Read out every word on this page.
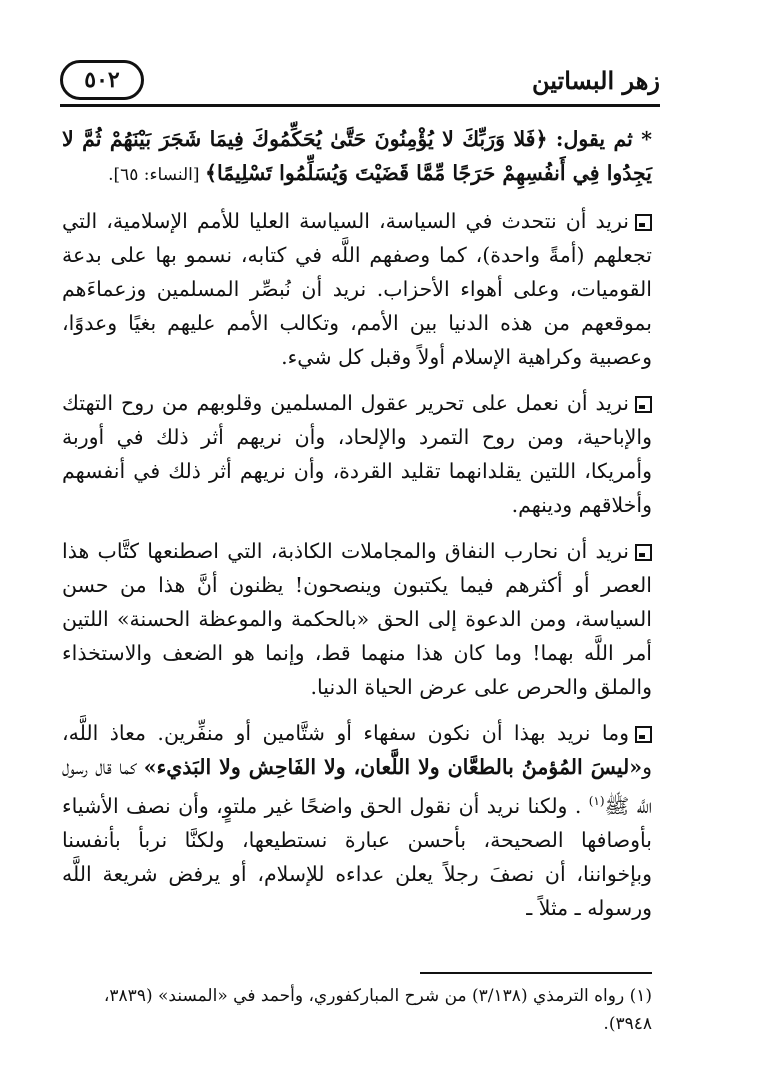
زهر البساتين
٥٠٢

* ثم يقول: ﴿فَلا وَرَبِّكَ لا يُؤْمِنُونَ حَتَّىٰ يُحَكِّمُوكَ فِيمَا شَجَرَ بَيْنَهُمْ ثُمَّ لا يَجِدُوا فِي أَنفُسِهِمْ حَرَجًا مِّمَّا قَضَيْتَ وَيُسَلِّمُوا تَسْلِيمًا﴾ [النساء: ٦٥].

نريد أن نتحدث في السياسة، السياسة العليا للأمم الإسلامية، التي تجعلهم (أمةً واحدة)، كما وصفهم اللَّه في كتابه، نسمو بها على بدعة القوميات، وعلى أهواء الأحزاب. نريد أن نُبصِّر المسلمين وزعماءَهم بموقعهم من هذه الدنيا بين الأمم، وتكالب الأمم عليهم بغيًا وعدوًا، وعصبية وكراهية الإسلام أولاً وقبل كل شيء.

نريد أن نعمل على تحرير عقول المسلمين وقلوبهم من روح التهتك والإباحية، ومن روح التمرد والإلحاد، وأن نريهم أثر ذلك في أوربة وأمريكا، اللتين يقلدانهما تقليد القردة، وأن نريهم أثر ذلك في أنفسهم وأخلاقهم ودينهم.

نريد أن نحارب النفاق والمجاملات الكاذبة، التي اصطنعها كتَّاب هذا العصر أو أكثرهم فيما يكتبون وينصحون! يظنون أنَّ هذا من حسن السياسة، ومن الدعوة إلى الحق «بالحكمة والموعظة الحسنة» اللتين أمر اللَّه بهما! وما كان هذا منهما قط، وإنما هو الضعف والاستخذاء والملق والحرص على عرض الحياة الدنيا.

وما نريد بهذا أن نكون سفهاء أو شتَّامين أو منفِّرين. معاذ اللَّه، و«ليسَ المُؤمنُ بالطعَّان ولا اللَّعان، ولا الفَاحِش ولا البَذيء» كما قال رسول اللَّه ﷺ$^{(١)}$ . ولكنا نريد أن نقول الحق واضحًا غير ملتوٍ، وأن نصف الأشياء بأوصافها الصحيحة، بأحسن عبارة نستطيعها، ولكنَّا نربأ بأنفسنا وبإخواننا، أن نصفَ رجلاً يعلن عداءه للإسلام، أو يرفض شريعة اللَّه ورسوله ـ مثلاً ـ

(١) رواه الترمذي (٣/١٣٨) من شرح المباركفوري، وأحمد في «المسند» (٣٨٣٩، ٣٩٤٨).
